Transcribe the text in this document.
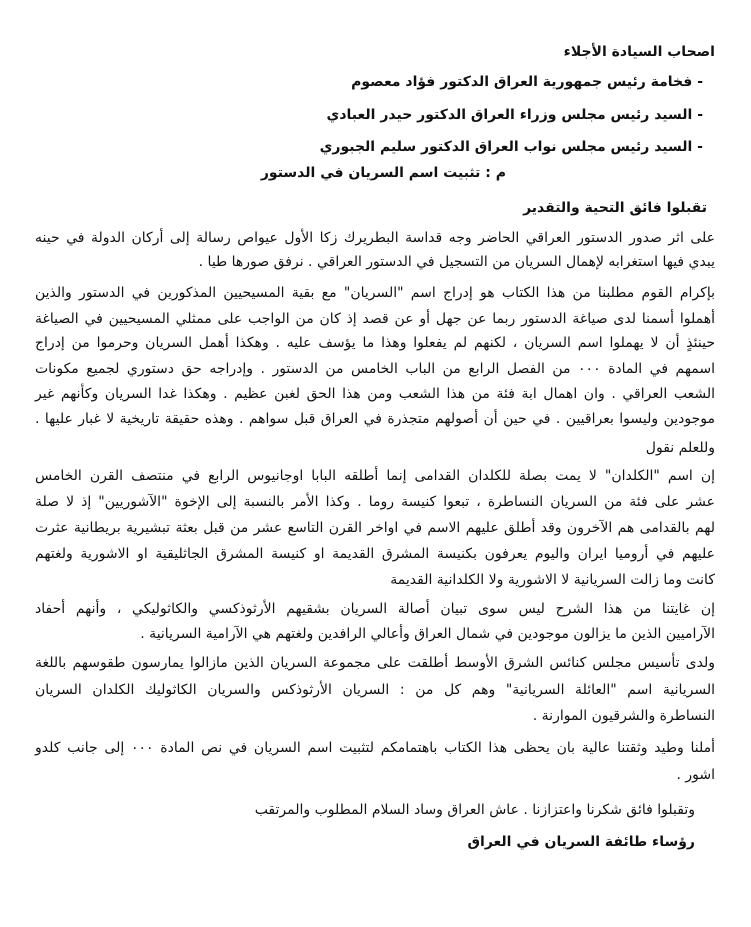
اصحاب السيادة الأجلاء
- فخامة رئيس جمهورية العراق الدكتور فؤاد معصوم
- السيد رئيس مجلس وزراء العراق الدكتور حيدر العبادي
- السيد رئيس مجلس نواب العراق الدكتور سليم الجبوري
م : تثبيت اسم السريان في الدستور
تقبلوا فائق التحية والتقدير
على اثر صدور الدستور العراقي الحاضر وجه قداسة البطريرك زكا الأول عيواص رسالة إلى أركان الدولة في حينه
يبدي فيها استغرابه لإهمال السريان من التسجيل في الدستور العراقي . نرفق صورها طيا .
بإكرام القوم مطلبنا من هذا الكتاب هو إدراج اسم "السريان" مع بقية المسيحيين المذكورين في الدستور والذين
أهملوا أسمنا لدى صياغة الدستور ربما عن جهل أو عن قصد إذ كان من الواجب على ممثلي المسيحيين في الصياغة
حينئذٍ أن لا يهملوا اسم السريان ، لكنهم لم يفعلوا وهذا ما يؤسف عليه . وهكذا أهمل السريان وحرموا من إدراج
اسمهم في المادة ٠٠٠ من الفصل الرابع من الباب الخامس من الدستور . وإدراجه حق دستوري لجميع مكونات
الشعب العراقي . وان اهمال ابة فئة من هذا الشعب ومن هذا الحق لغبن عظيم . وهكذا غدا السريان وكأنهم غير
موجودين وليسوا بعراقيين . في حين أن أصولهم متجذرة في العراق قبل سواهم . وهذه حقيقة تاريخية لا غبار عليها .
وللعلم نقول
إن اسم "الكلدان" لا يمت بصلة للكلدان القدامى إنما أطلقه البابا اوجانيوس الرابع في منتصف القرن الخامس
عشر على فئة من السريان النساطرة ، تبعوا كنيسة روما . وكذا الأمر بالنسبة إلى الإخوة "الآشوريين" إذ لا صلة
لهم بالقدامى هم الآخرون وقد أطلق عليهم الاسم في اواخر القرن التاسع عشر من قبل بعثة تبشيرية بريطانية عثرت
عليهم في أروميا ايران واليوم يعرفون بكنيسة المشرق القديمة او كنيسة المشرق الجاثليقية او الاشورية ولغتهم
كانت وما زالت السريانية لا الاشورية ولا الكلدانية القديمة
إن غايتنا من هذا الشرح ليس سوى تبيان أصالة السريان بشقيهم الأرثوذكسي والكاثوليكي ، وأنهم أحفاد
الآراميين الذين ما يزالون موجودين في شمال العراق وأعالي الرافدين ولغتهم هي الآرامية السريانية .
ولدى تأسيس مجلس كنائس الشرق الأوسط أطلقت على مجموعة السريان الذين مازالوا يمارسون طقوسهم باللغة
السريانية اسم "العائلة السريانية" وهم كل من : السريان الأرثوذكس والسريان الكاثوليك الكلدان السريان
النساطرة والشرقيون الموارنة .
أملنا وطيد وثقتنا عالية بان يحظى هذا الكتاب باهتمامكم لتثبيت اسم السريان في نص المادة ٠٠٠ إلى جانب كلدو
اشور .
وتقبلوا فائق شكرنا واعتزازنا . عاش العراق وساد السلام المطلوب والمرتقب
رؤساء طائفة السريان في العراق
